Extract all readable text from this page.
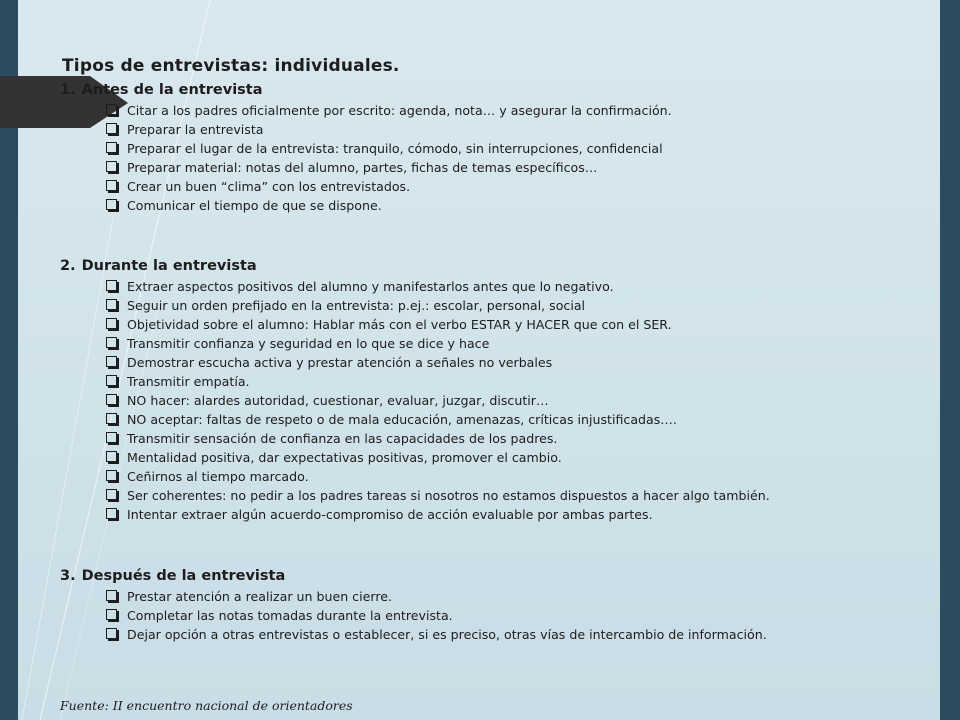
Tipos de entrevistas: individuales.
1. Antes de la entrevista
Citar a los padres oficialmente por escrito: agenda, nota… y asegurar la confirmación.
Preparar la entrevista
Preparar el lugar de la entrevista: tranquilo, cómodo, sin interrupciones, confidencial
Preparar material: notas del alumno, partes, fichas de temas específicos…
Crear un buen “clima” con los entrevistados.
Comunicar el tiempo de que se dispone.
2. Durante la entrevista
Extraer aspectos positivos del alumno y manifestarlos antes que lo negativo.
Seguir un orden prefijado en la entrevista: p.ej.: escolar, personal, social
Objetividad sobre el alumno: Hablar más con el verbo ESTAR y HACER que con el SER.
Transmitir confianza y seguridad en lo que se dice y hace
Demostrar escucha activa y prestar atención a señales no verbales
Transmitir empatía.
NO hacer: alardes autoridad, cuestionar, evaluar, juzgar, discutir…
NO aceptar: faltas de respeto o de mala educación, amenazas, críticas injustificadas….
Transmitir sensación de confianza en las capacidades de los padres.
Mentalidad positiva, dar expectativas positivas, promover el cambio.
Ceñirnos al tiempo marcado.
Ser coherentes: no pedir a los padres tareas si nosotros no estamos dispuestos a hacer algo también.
Intentar extraer algún acuerdo-compromiso de acción evaluable por ambas partes.
3. Después de la entrevista
Prestar atención a realizar un buen cierre.
Completar las notas tomadas durante la entrevista.
Dejar opción a otras entrevistas o establecer, si es preciso, otras vías de intercambio de información.
Fuente: II encuentro nacional de orientadores
